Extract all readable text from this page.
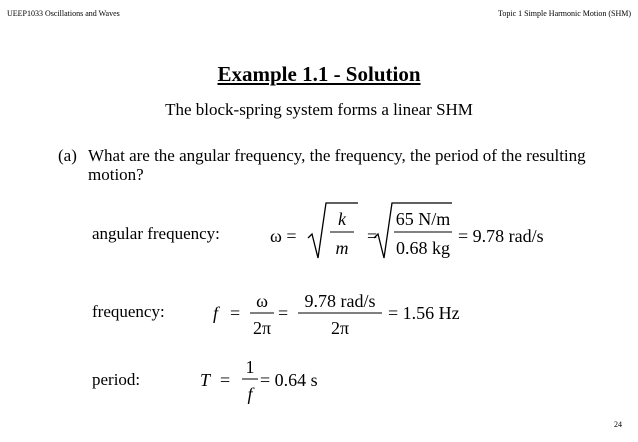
UEEP1033 Oscillations and Waves	Topic 1 Simple Harmonic Motion (SHM)
Example 1.1 - Solution
The block-spring system forms a linear SHM
(a) What are the angular frequency, the frequency, the period of the resulting motion?
angular frequency:	ω =
k
m
=
65 N/m
0.68 kg
= 9.78 rad/s
frequency:	f =
ω
2π
=
9.78 rad/s
2π
= 1.56 Hz
period:	T =
1
f
= 0.64 s
24
